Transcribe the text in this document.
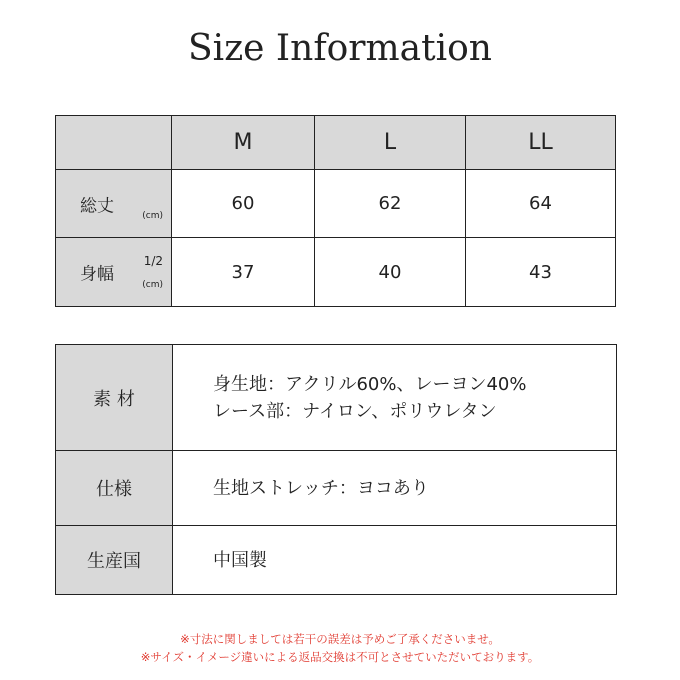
Size Information
	M	L	LL

総丈 (cm)	60	62	64

身幅
1/2
(cm)	37	40	43
素 材	身生地：アクリル60%、レーヨン40%
レース部：ナイロン、ポリウレタン

仕様	生地ストレッチ：ヨコあり

生産国	中国製
※寸法に関しましては若干の誤差は予めご了承くださいませ。
※サイズ・イメージ違いによる返品交換は不可とさせていただいております。
